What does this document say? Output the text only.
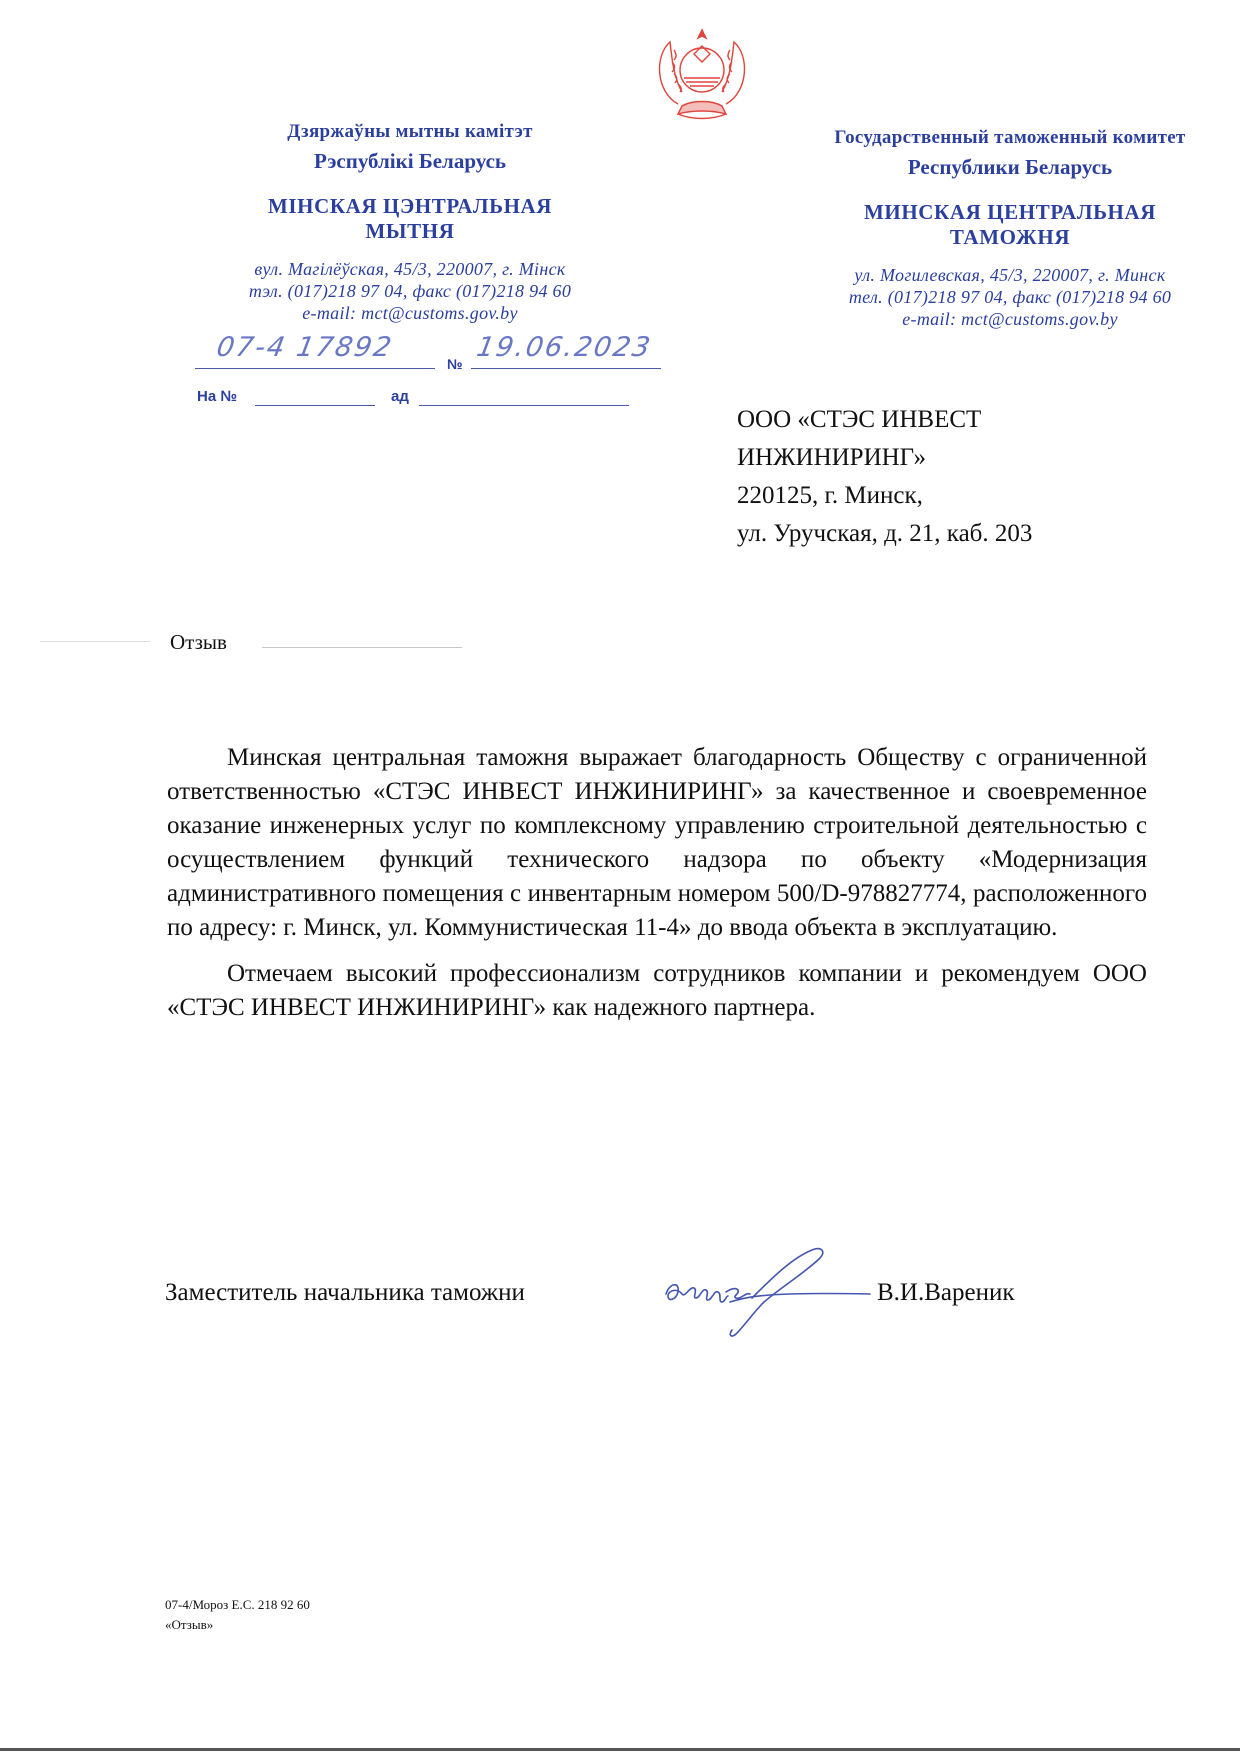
Дзяржаўны мытны камітэт
Рэспублікі Беларусь
МІНСКАЯ ЦЭНТРАЛЬНАЯ
МЫТНЯ
вул. Магілёўская, 45/3, 220007, г. Мінск
тэл. (017)218 97 04, факс (017)218 94 60
e-mail: mct@customs.gov.by
Государственный таможенный комитет
Республики Беларусь
МИНСКАЯ ЦЕНТРАЛЬНАЯ
ТАМОЖНЯ
ул. Могилевская, 45/3, 220007, г. Минск
тел. (017)218 97 04, факс (017)218 94 60
e-mail: mct@customs.gov.by
07-4 17892
№
19.06.2023
На №	ад
ООО «СТЭС ИНВЕСТ
ИНЖИНИРИНГ»
220125, г. Минск,
ул. Уручская, д. 21, каб. 203
Отзыв

Минская центральная таможня выражает благодарность Обществу с ограниченной ответственностью «СТЭС ИНВЕСТ ИНЖИНИРИНГ» за качественное и своевременное оказание инженерных услуг по комплексному управлению строительной деятельностью с осуществлением функций технического надзора по объекту «Модернизация административного помещения с инвентарным номером 500/D-978827774, расположенного по адресу: г. Минск, ул. Коммунистическая 11-4» до ввода объекта в эксплуатацию.

Отмечаем высокий профессионализм сотрудников компании и рекомендуем ООО «СТЭС ИНВЕСТ ИНЖИНИРИНГ» как надежного партнера.

Заместитель начальника таможни	В.И.Вареник
07-4/Мороз Е.С. 218 92 60
«Отзыв»
